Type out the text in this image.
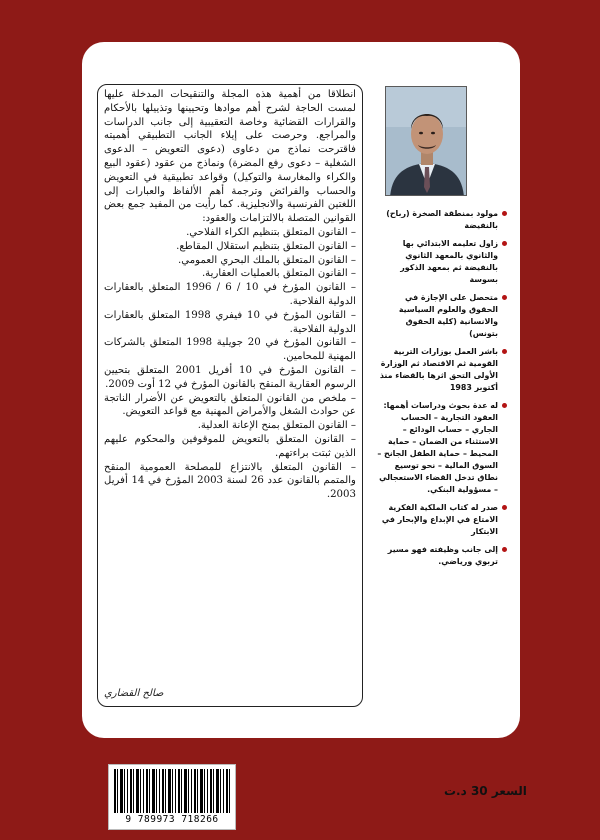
انطلاقا من أهمية هذه المجلة والتنقيحات المدخلة عليها لمست الحاجة لشرح أهم موادها وتحيينها وتذييلها بالأحكام والقرارات القضائية وخاصة التعقيبية إلى جانب الدراسات والمراجع. وحرصت على إيلاء الجانب التطبيقي أهميته فاقترحت نماذج من دعاوى (دعوى التعويض – الدعوى الشغلية – دعوى رفع المضرة) ونماذج من عقود (عقود البيع والكراء والمغارسة والتوكيل) وقواعد تطبيقية في التعويض والحساب والفرائض وترجمة أهم الألفاظ والعبارات إلى اللغتين الفرنسية والانجليزية. كما رأيت من المفيد جمع بعض القوانين المتصلة بالالتزامات والعقود:

– القانون المتعلق بتنظيم الكراء الفلاحي.
– القانون المتعلق بتنظيم استقلال المقاطع.
– القانون المتعلق بالملك البحري العمومي.
– القانون المتعلق بالعمليات العقارية.
– القانون المؤرخ في 10 / 6 / 1996 المتعلق بالعقارات الدولية الفلاحية.
– القانون المؤرخ في 10 فيفري 1998 المتعلق بالعقارات الدولية الفلاحية.
– القانون المؤرخ في 20 جويلية 1998 المتعلق بالشركات المهنية للمحامين.
– القانون المؤرخ في 10 أفريل 2001 المتعلق بتحيين الرسوم العقارية المنقح بالقانون المؤرخ في 12 أوت 2009.
– ملخص من القانون المتعلق بالتعويض عن الأضرار الناتجة عن حوادث الشغل والأمراض المهنية مع قواعد التعويض.
– القانون المتعلق بمنح الإعانة العدلية.
– القانون المتعلق بالتعويض للموقوفين والمحكوم عليهم الذين ثبتت براءتهم.
– القانون المتعلق بالانتزاع للمصلحة العمومية المنقح والمتمم بالقانون عدد 26 لسنة 2003 المؤرخ في 14 أفريل 2003.
صالح القضاري
مولود بمنطقة الصخرة (رباح) بالنفيضة
زاول تعليمه الابتدائي بها والثانوي بالمعهد الثانوي بالنفيضة ثم بمعهد الذكور بسوسة
متحصل على الإجازة في الحقوق والعلوم السياسية والانسانية (كلية الحقوق بتونس)
باشر العمل بوزارات التربية القومية ثم الاقتصاد ثم الوزارة الأولى التحق اثرها بالقضاء منذ أكتوبر 1983
له عدة بحوث ودراسات أهمها: العقود التجارية – الحساب الجاري – حساب الودائع – الاستثناء من الضمان – حماية المحيط – حماية الطفل الجانح – السوق المالية – نحو توسيع نطاق تدخل القضاء الاستعجالي – مسؤولية البنكي.
صدر له كتاب الملكية الفكرية الامتاع في الإبداع والإبحار في الابتكار
إلى جانب وظيفته فهو مسير تربوي ورياضي.
9 789973 718266
السعر 30 د.ت
